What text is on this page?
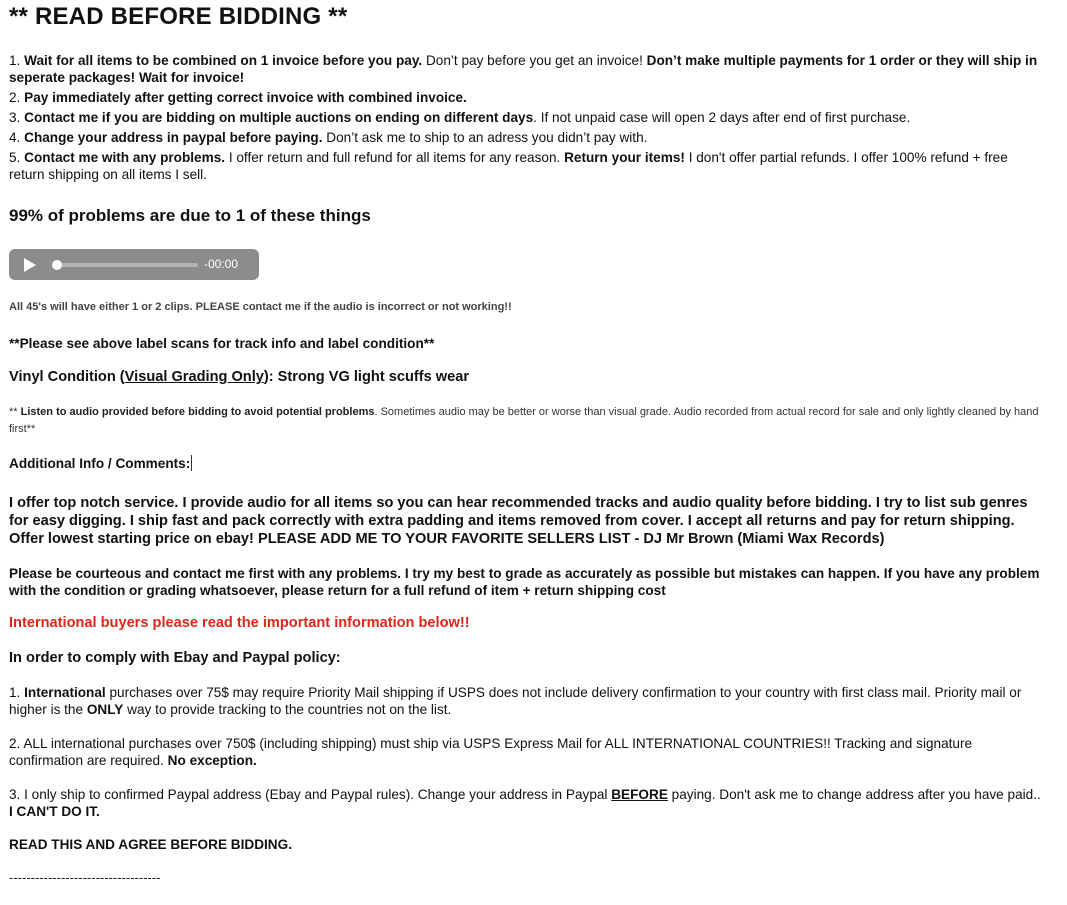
** READ BEFORE BIDDING **
1. Wait for all items to be combined on 1 invoice before you pay. Don’t pay before you get an invoice! Don’t make multiple payments for 1 order or they will ship in seperate packages! Wait for invoice!
2. Pay immediately after getting correct invoice with combined invoice.
3. Contact me if you are bidding on multiple auctions on ending on different days. If not unpaid case will open 2 days after end of first purchase.
4. Change your address in paypal before paying. Don’t ask me to ship to an adress you didn’t pay with.
5. Contact me with any problems. I offer return and full refund for all items for any reason. Return your items! I don't offer partial refunds. I offer 100% refund + free return shipping on all items I sell.
99% of problems are due to 1 of these things
-00:00
All 45's will have either 1 or 2 clips. PLEASE contact me if the audio is incorrect or not working!!
**Please see above label scans for track info and label condition**
Vinyl Condition (Visual Grading Only): Strong VG light scuffs wear
** Listen to audio provided before bidding to avoid potential problems. Sometimes audio may be better or worse than visual grade. Audio recorded from actual record for sale and only lightly cleaned by hand first**
Additional Info / Comments:
I offer top notch service. I provide audio for all items so you can hear recommended tracks and audio quality before bidding. I try to list sub genres for easy digging. I ship fast and pack correctly with extra padding and items removed from cover. I accept all returns and pay for return shipping. Offer lowest starting price on ebay! PLEASE ADD ME TO YOUR FAVORITE SELLERS LIST - DJ Mr Brown (Miami Wax Records)
Please be courteous and contact me first with any problems. I try my best to grade as accurately as possible but mistakes can happen. If you have any problem with the condition or grading whatsoever, please return for a full refund of item + return shipping cost
International buyers please read the important information below!!
In order to comply with Ebay and Paypal policy:
1. International purchases over 75$ may require Priority Mail shipping if USPS does not include delivery confirmation to your country with first class mail. Priority mail or higher is the ONLY way to provide tracking to the countries not on the list.
2. ALL international purchases over 750$ (including shipping) must ship via USPS Express Mail for ALL INTERNATIONAL COUNTRIES!! Tracking and signature confirmation are required. No exception.
3. I only ship to confirmed Paypal address (Ebay and Paypal rules). Change your address in Paypal BEFORE paying. Don't ask me to change address after you have paid.. I CAN'T DO IT.
READ THIS AND AGREE BEFORE BIDDING.
-----------------------------------
